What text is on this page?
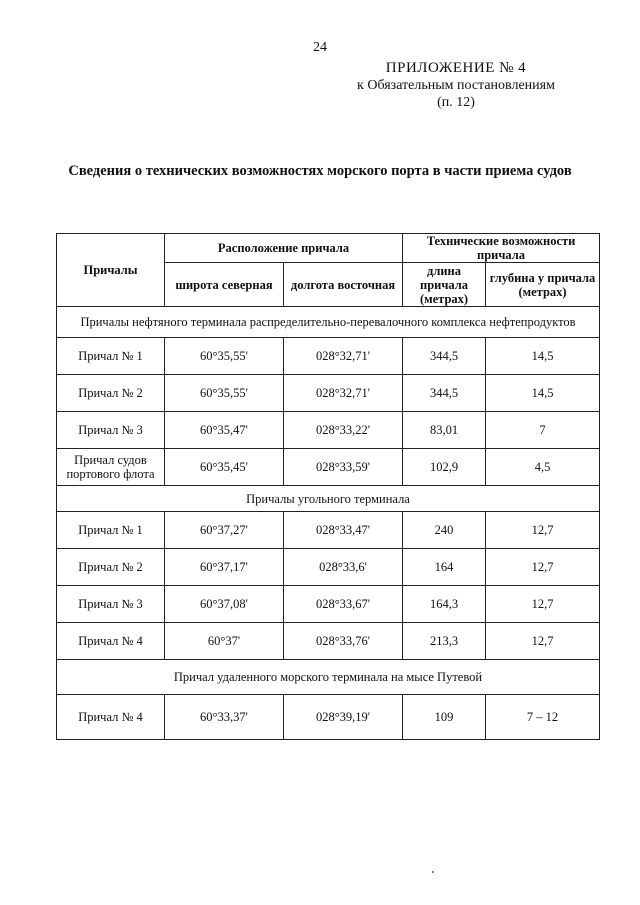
24
ПРИЛОЖЕНИЕ № 4
к Обязательным постановлениям
(п. 12)
Сведения о технических возможностях морского порта в части приема судов
Причалы	Расположение причала		Технические возможности причала	
	широта северная	долгота восточная	длина причала (метрах)	глубина у причала (метрах)
Причалы нефтяного терминала распределительно-перевалочного комплекса нефтепродуктов				
Причал № 1	60°35,55'	028°32,71'	344,5	14,5
Причал № 2	60°35,55'	028°32,71'	344,5	14,5
Причал № 3	60°35,47'	028°33,22'	83,01	7
Причал судов портового флота	60°35,45'	028°33,59'	102,9	4,5
Причалы угольного терминала				
Причал № 1	60°37,27'	028°33,47'	240	12,7
Причал № 2	60°37,17'	028°33,6'	164	12,7
Причал № 3	60°37,08'	028°33,67'	164,3	12,7
Причал № 4	60°37'	028°33,76'	213,3	12,7
Причал удаленного морского терминала на мысе Путевой				
Причал № 4	60°33,37'	028°39,19'	109	7 – 12
